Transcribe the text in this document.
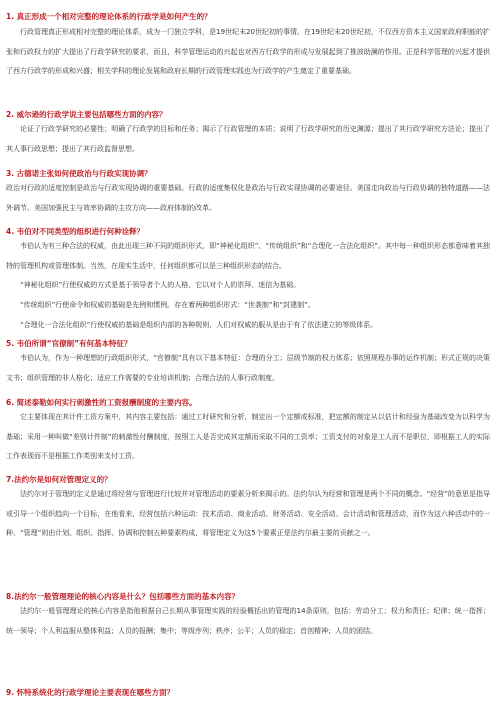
1. 真正形成一个相对完整的理论体系的行政学是如何产生的？

行政管理真正形成相对完整的理论体系，成为一门独立学科，是19世纪末20世纪初的事情。在19世纪末20世纪初，不仅西方资本主义国家政府职能的扩张和行政权力的扩大提出了行政学研究的要求，而且，科学管理运动的兴起也对西方行政学的形成与发展起到了推波助澜的作用。正是科学管理的兴起才提供了西方行政学的形成和兴盛；相关学科的理论发展和政府长期的行政管理实践也为行政学的产生奠定了重要基础。

2. 威尔逊的行政学说主要包括哪些方面的内容？

论证了行政学研究的必要性；明确了行政学的目标和任务；揭示了行政管理的本质；说明了行政学研究的历史渊源；提出了其行政学研究方法论；提出了其人事行政思想；提出了其行政监督思想。

3. 古德诺主张如何使政治与行政实现协调？

政治对行政的适度控制是政治与行政实现协调的重要基础。行政的适度集权化是政治与行政实现协调的必要途径。美国走向政治与行政协调的独特道路——法外调节。美国加强民主与效率协调的主攻方向——政府体制的改革。

4. 韦伯对不同类型的组织进行何种诠释？

韦伯认为有三种合法的权威，由此出现三种不同的组织形式，即“神秘化组织”、“传统组织”和“合理化一合法化组织”。其中每一种组织形态都意味着其独特的管理机构或管理体制。当然，在现实生活中，任何组织都可以是三种组织形态的结合。

“神秘化组织”行使权威的方式是基于领导者个人的人格，它以对个人的崇拜、迷信为基础。

“传统组织”行使命令和权威的基础是先例和惯例。存在着两种组织形式：“世袭制”和“封建制”。

“合理化一合法化组织”行使权威的基础是组织内部的各种规则，人们对权威的服从是由于有了依法建立的等级体系。

5. 韦伯所谓“官僚制”有何基本特征？

韦伯认为，作为一种理想的行政组织形式，“官僚制”具有以下基本特征：合理的分工；层级节制的权力体系；依照规程办事的运作机制；形式正规的决策文书；组织管理的非人格化；适应工作需要的专业培训机制；合理合法的人事行政制度。

6. 简述泰勒如何实行刺激性的工资报酬制度的主要内容。

它主要体现在其计件工资方案中，其内容主要包括：通过工时研究和分析，制定出一个定额或标准，把定额的制定从以估计和经验为基础改变为以科学为基础；采用一种叫做“差别计件制”的刺激性付酬制度，按照工人是否完成其定额而采取不同的工资率；工资支付的对象是工人而不是职位，即根据工人的实际工作表现而不是根据工作类别来支付工资。

7.法约尔是如何对管理定义的？

法约尔对于管理的定义是通过将经营与管理进行比较并对管理活动的要素分析来揭示的。法约尔认为经营和管理是两个不同的概念。“经营”的意思是指导或引导一个组织趋向一个目标，在他看来，经营包括六种运动：技术活动、商业活动、财务活动、安全活动、会计活动和管理活动，而作为这六种活动中的一种，“管理”则由计划、组织、指挥、协调和控制五种要素构成，将管理定义为这5个要素正是法约尔最主要的贡献之一。

8.法约尔一般管理理论的核心内容是什么？包括哪些方面的基本内容？

法约尔一般管理理论的核心内容是指他根据自己长期从事管理实践的经验概括出的管理的14条原则，包括：劳动分工；权力和责任；纪律；统一指挥；统一领导；个人利益服从整体利益；人员的报酬；集中；等级序列；秩序；公平；人员的稳定；首创精神；人员的团结。

9. 怀特系统化的行政学理论主要表现在哪些方面？
